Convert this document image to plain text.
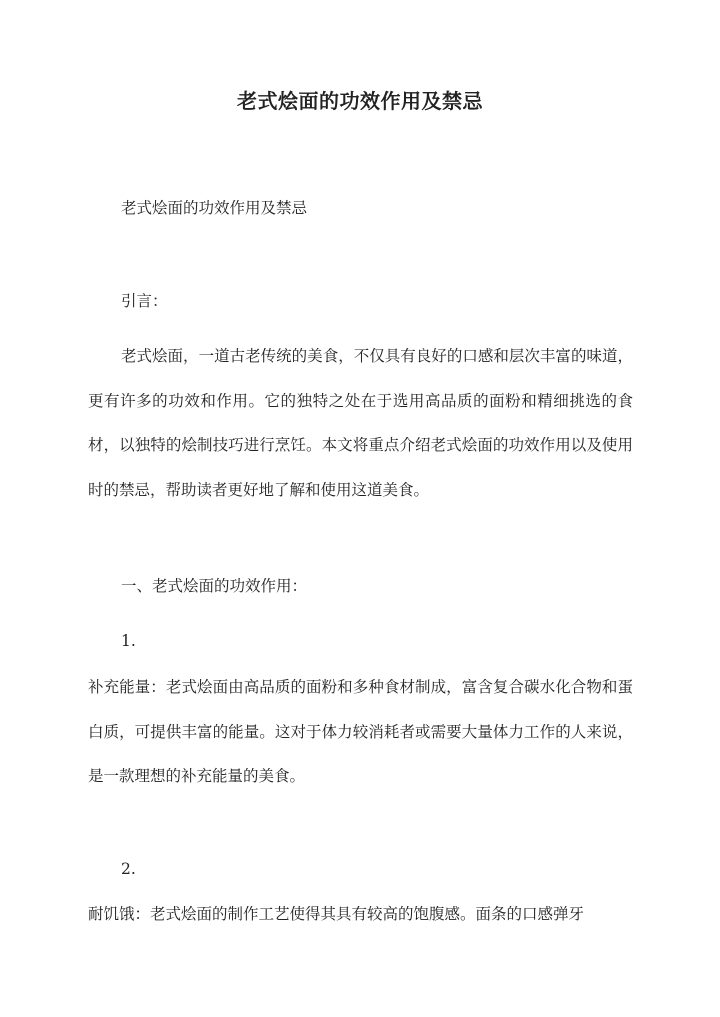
老式烩面的功效作用及禁忌

老式烩面的功效作用及禁忌

引言：

老式烩面，一道古老传统的美食，不仅具有良好的口感和层次丰富的味道，更有许多的功效和作用。它的独特之处在于选用高品质的面粉和精细挑选的食材，以独特的烩制技巧进行烹饪。本文将重点介绍老式烩面的功效作用以及使用时的禁忌，帮助读者更好地了解和使用这道美食。

一、老式烩面的功效作用：

1.

补充能量：老式烩面由高品质的面粉和多种食材制成，富含复合碳水化合物和蛋白质，可提供丰富的能量。这对于体力较消耗者或需要大量体力工作的人来说，是一款理想的补充能量的美食。

2.

耐饥饿：老式烩面的制作工艺使得其具有较高的饱腹感。面条的口感弹牙
